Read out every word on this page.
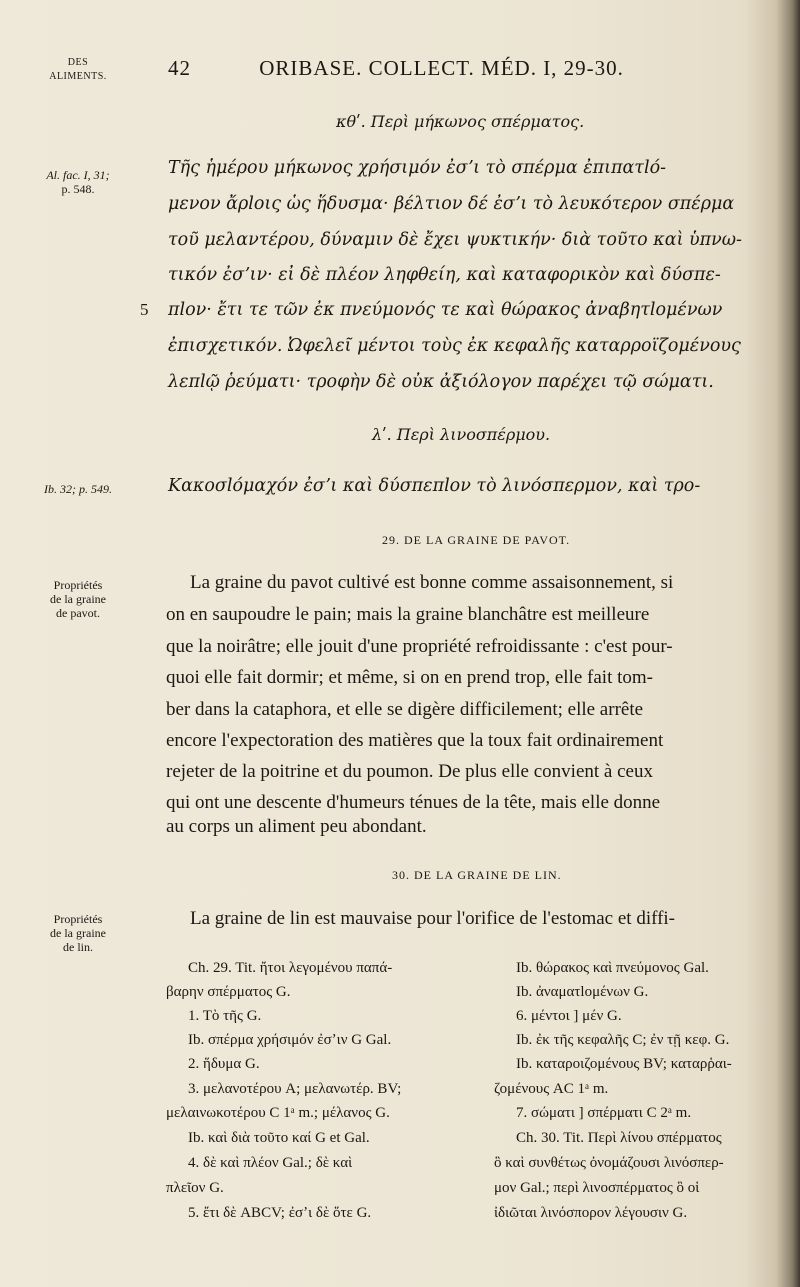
DES
ALIMENTS.	42	ORIBASE. COLLECT. MÉD. I, 29-30.
κθʹ. Περὶ μήκωνος σπέρματος.
Al. fac. I, 31;
p. 548.
Τῆς ἡμέρου μήκωνος χρήσιμόν ἐσʼι τὸ σπέρμα ἐπιπατlό-
μενον ἄρlοις ὡς ἥδυσμα· βέλτιον δέ ἐσʼι τὸ λευκότερον σπέρμα
τοῦ μελαντέρου, δύναμιν δὲ ἔχει ψυκτικήν· διὰ τοῦτο καὶ ὑπνω-
τικόν ἐσʼιν· εἰ δὲ πλέον ληφθείη, καὶ καταφορικὸν καὶ δύσπε-
5 πlον· ἔτι τε τῶν ἐκ πνεύμονός τε καὶ θώρακος ἀναβητlομένων
ἐπισχετικόν. Ὠφελεῖ μέντοι τοὺς ἐκ κεφαλῆς καταρροϊζομένους
λεπlῷ ῥεύματι· τροφὴν δὲ οὐκ ἀξιόλογον παρέχει τῷ σώματι.
λʹ. Περὶ λινοσπέρμου.
Ib. 32; p. 549.	Κακοσlόμαχόν ἐσʼι καὶ δύσπεπlον τὸ λινόσπερμον, καὶ τρο-
29. DE LA GRAINE DE PAVOT.
Propriétés
de la graine
de pavot.
La graine du pavot cultivé est bonne comme assaisonnement, si
on en saupoudre le pain; mais la graine blanchâtre est meilleure
que la noirâtre; elle jouit d'une propriété refroidissante : c'est pour-
quoi elle fait dormir; et même, si on en prend trop, elle fait tom-
ber dans la cataphora, et elle se digère difficilement; elle arrête
encore l'expectoration des matières que la toux fait ordinairement
rejeter de la poitrine et du poumon. De plus elle convient à ceux
qui ont une descente d'humeurs ténues de la tête, mais elle donne
au corps un aliment peu abondant.
30. DE LA GRAINE DE LIN.
Propriétés
de la graine
de lin.
La graine de lin est mauvaise pour l'orifice de l'estomac et diffi-
Ch. 29. Tit. ἤτοι λεγομένου παπά-
βαρην σπέρματος G.
1. Τὸ τῆς G.
Ib. σπέρμα χρήσιμόν ἐσʼιν G Gal.
2. ἥδυμα G.
3. μελανοτέρου A; μελανωτέρ. BV;
μελαινωκοτέρου C 1ᵃ m.; μέλανος G.
Ib. καὶ διὰ τοῦτο καί G et Gal.
4. δὲ καὶ πλέον Gal.; δὲ καὶ
πλεῖον G.
5. ἔτι δὲ ABCV; ἐσʼι δὲ ὅτε G.
Ib. θώρακος καὶ πνεύμονος Gal.
Ib. ἀναματlομένων G.
6. μέντοι ] μέν G.
Ib. ἐκ τῆς κεφαλῆς C; ἐν τῇ κεφ. G.
Ib. καταροιζομένους BV; καταρῥαι-
ζομένους AC 1ᵃ m.
7. σώματι ] σπέρματι C 2ᵃ m.
Ch. 30. Tit. Περὶ λίνου σπέρματος
ὃ καὶ συνθέτως ὀνομάζουσι λινόσπερ-
μον Gal.; περὶ λινοσπέρματος ὃ οἱ
ἰδιῶται λινόσπορον λέγουσιν G.
